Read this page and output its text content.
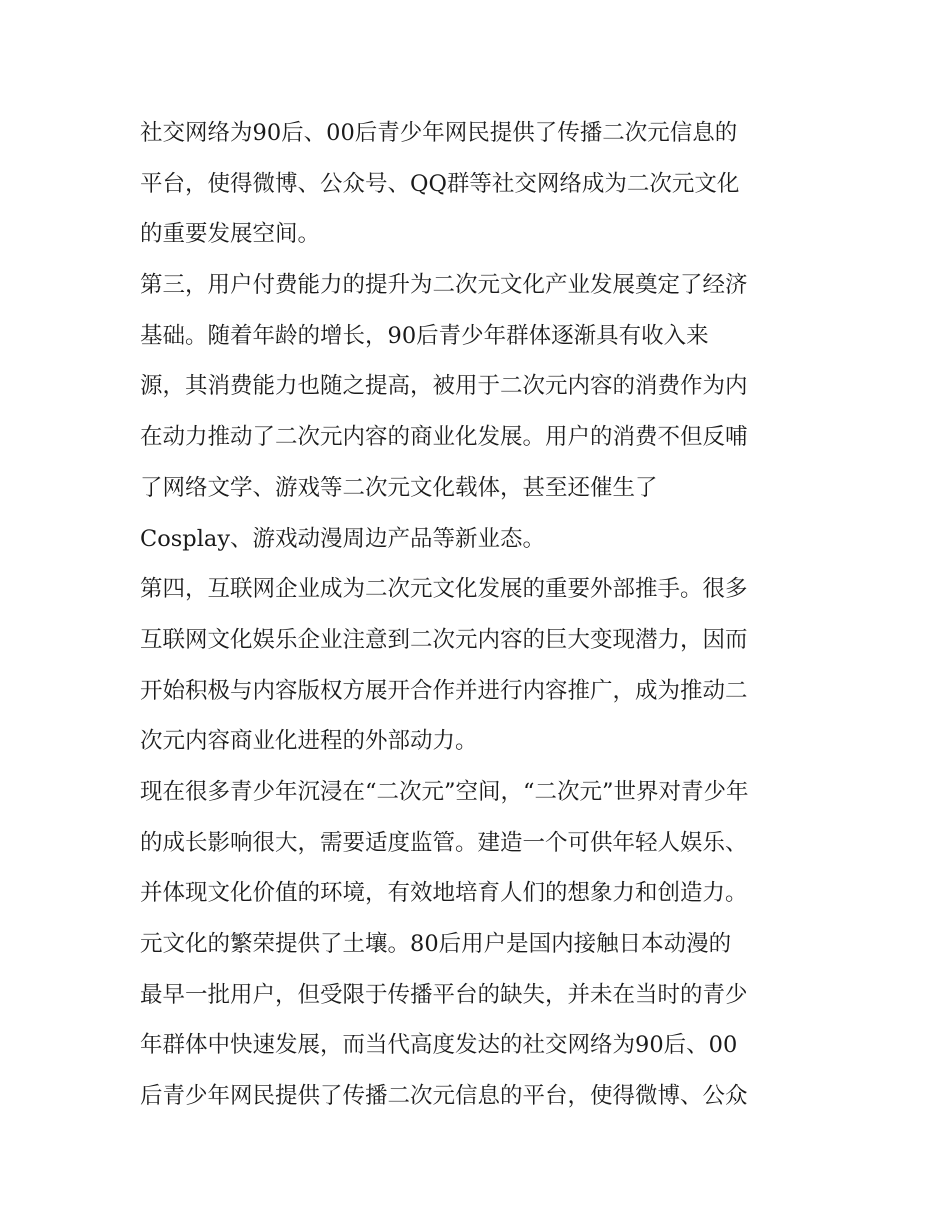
社交网络为90后、00后青少年网民提供了传播二次元信息的
平台，使得微博、公众号、QQ群等社交网络成为二次元文化
的重要发展空间。
第三，用户付费能力的提升为二次元文化产业发展奠定了经济
基础。随着年龄的增长，90后青少年群体逐渐具有收入来
源，其消费能力也随之提高，被用于二次元内容的消费作为内
在动力推动了二次元内容的商业化发展。用户的消费不但反哺
了网络文学、游戏等二次元文化载体，甚至还催生了
Cosplay、游戏动漫周边产品等新业态。
第四，互联网企业成为二次元文化发展的重要外部推手。很多
互联网文化娱乐企业注意到二次元内容的巨大变现潜力，因而
开始积极与内容版权方展开合作并进行内容推广，成为推动二
次元内容商业化进程的外部动力。
现在很多青少年沉浸在“二次元”空间，“二次元”世界对青少年
的成长影响很大，需要适度监管。建造一个可供年轻人娱乐、
并体现文化价值的环境，有效地培育人们的想象力和创造力。
元文化的繁荣提供了土壤。80后用户是国内接触日本动漫的
最早一批用户，但受限于传播平台的缺失，并未在当时的青少
年群体中快速发展，而当代高度发达的社交网络为90后、00
后青少年网民提供了传播二次元信息的平台，使得微博、公众
